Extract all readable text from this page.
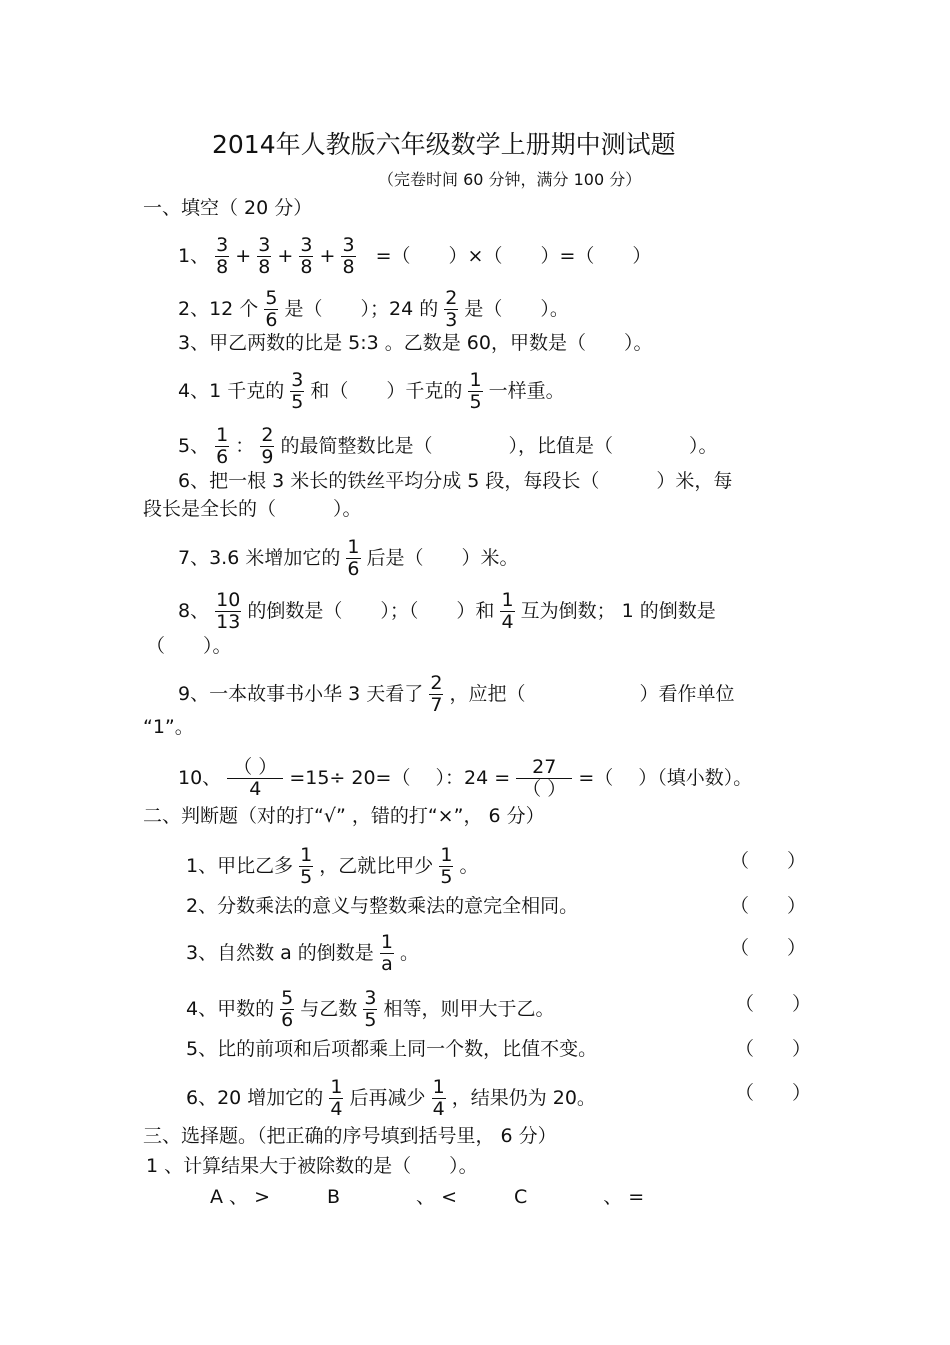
2014年人教版六年级数学上册期中测试题
（完卷时间 60 分钟，满分 100 分）
一、填空（ 20 分）
1、 $\frac{3}{8} + \frac{3}{8} + \frac{3}{8} + \frac{3}{8}$ =（　　）×（　　）=（　　）
2、12 个 $\frac{5}{6}$ 是（　　）；24 的 $\frac{2}{3}$ 是（　　）。
3、甲乙两数的比是 5:3 。乙数是 60，甲数是（　　）。
4、1 千克的 $\frac{3}{5}$ 和（　　）千克的 $\frac{1}{5}$ 一样重。
5、 $\frac{1}{6}$ ： $\frac{2}{9}$ 的最简整数比是（　　　　），比值是（　　　　）。
6、把一根 3 米长的铁丝平均分成 5 段，每段长（　　　）米，每
段长是全长的（　　　）。
7、3.6 米增加它的 $\frac{1}{6}$ 后是（　　）米。
8、 $\frac{10}{13}$ 的倒数是（　　）；（　　）和 $\frac{1}{4}$ 互为倒数； 1 的倒数是
（　　）。
9、一本故事书小华 3 天看了 $\frac{2}{7}$ ，应把（　　　　　　）看作单位
“1”。
10、 （ ）
4	=15÷ 20=（　 ）：24 =	27
（ ） =（　 ）（填小数）。
二、判断题（对的打“√” ，错的打“×”， 6 分）
1、甲比乙多 $\frac{1}{5}$ ，乙就比甲少 $\frac{1}{5}$ 。	（　　）
2、分数乘法的意义与整数乘法的意完全相同。	（　　）
3、自然数 a 的倒数是 $\frac{1}{a}$ 。	（　　）
4、甲数的 $\frac{5}{6}$ 与乙数 $\frac{3}{5}$ 相等，则甲大于乙。	（　　）
5、比的前项和后项都乘上同一个数，比值不变。	（　　）
6、20 增加它的 $\frac{1}{4}$ 后再减少 $\frac{1}{4}$ ，结果仍为 20。	（　　）
三、选择题。（把正确的序号填到括号里， 6 分）
1 、计算结果大于被除数的是（　　）。
A 、 >　　　B　　　　、 <　　　C　　　　、 =
